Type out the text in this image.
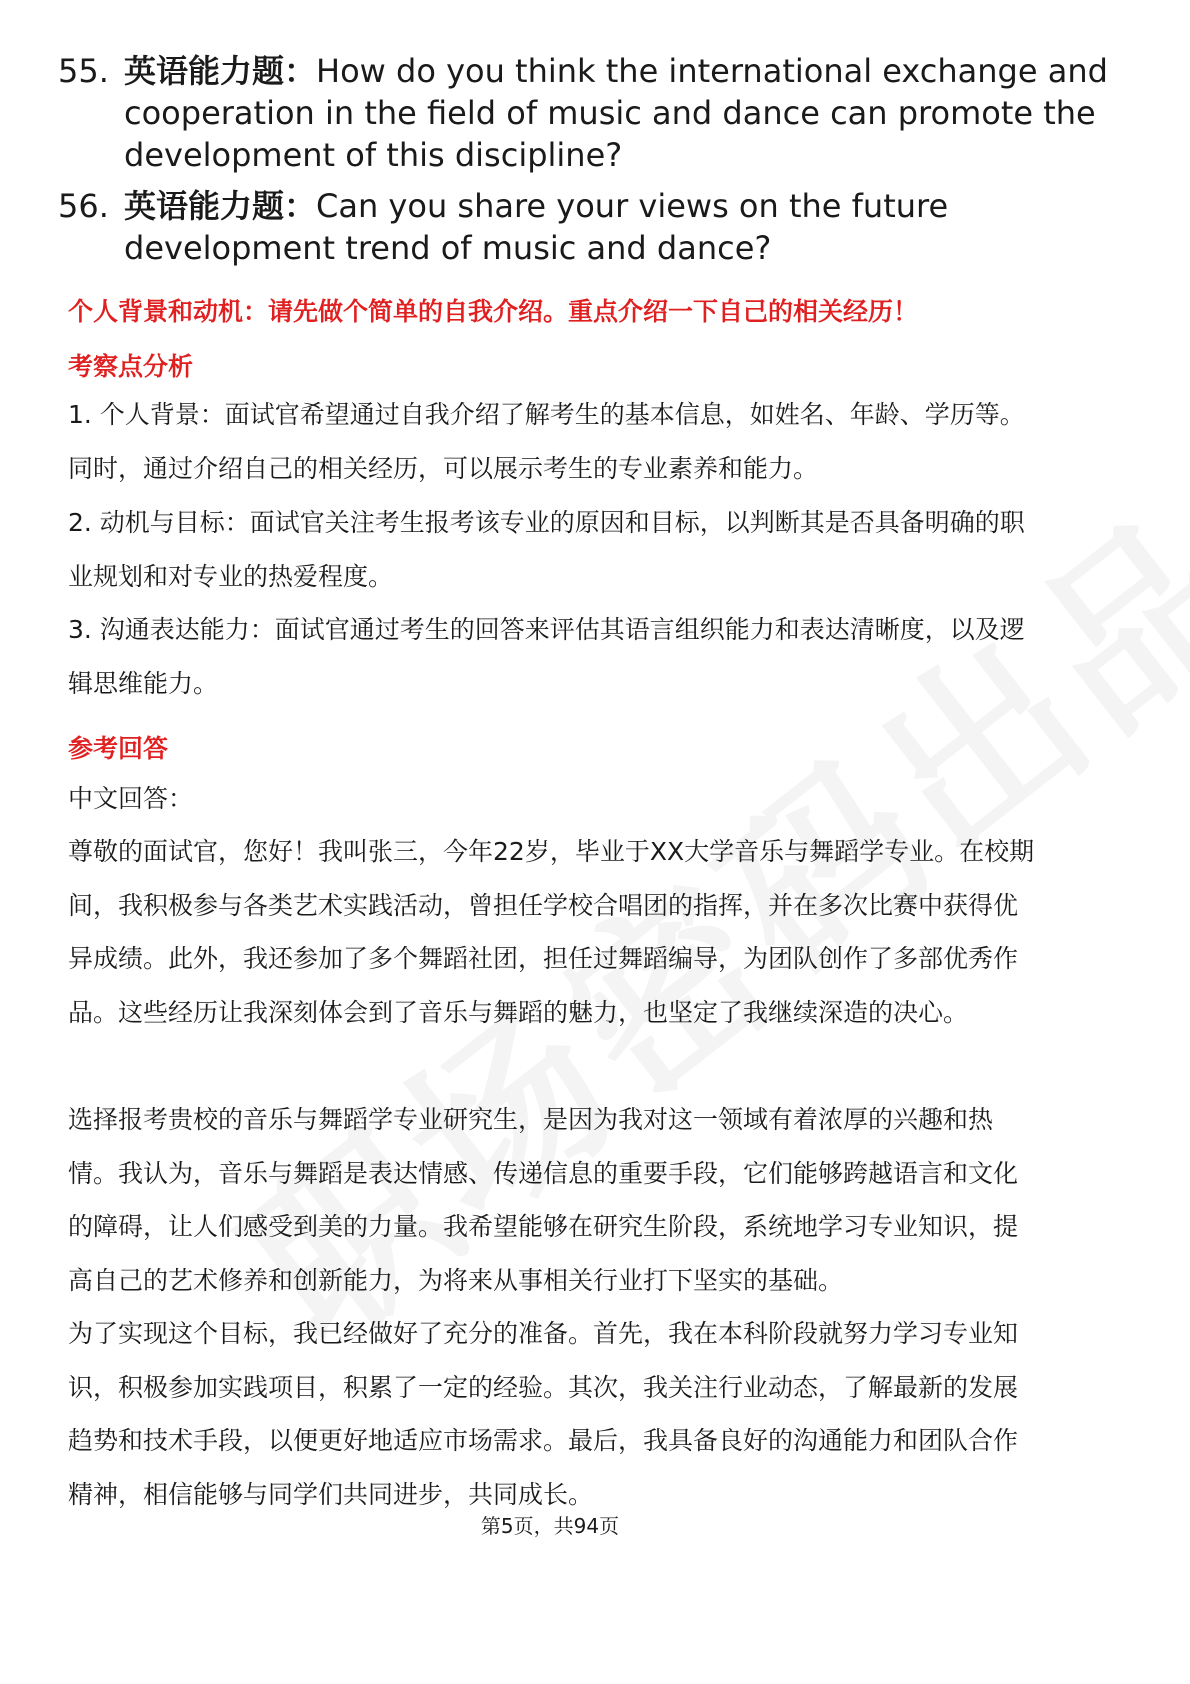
55. 英语能力题：How do you think the international exchange and cooperation in the field of music and dance can promote the development of this discipline?
56. 英语能力题：Can you share your views on the future development trend of music and dance?
个人背景和动机：请先做个简单的自我介绍。重点介绍一下自己的相关经历！
考察点分析
1. 个人背景：面试官希望通过自我介绍了解考生的基本信息，如姓名、年龄、学历等。同时，通过介绍自己的相关经历，可以展示考生的专业素养和能力。
2. 动机与目标：面试官关注考生报考该专业的原因和目标，以判断其是否具备明确的职业规划和对专业的热爱程度。
3. 沟通表达能力：面试官通过考生的回答来评估其语言组织能力和表达清晰度，以及逻辑思维能力。
参考回答
中文回答：
尊敬的面试官，您好！我叫张三，今年22岁，毕业于XX大学音乐与舞蹈学专业。在校期间，我积极参与各类艺术实践活动，曾担任学校合唱团的指挥，并在多次比赛中获得优异成绩。此外，我还参加了多个舞蹈社团，担任过舞蹈编导，为团队创作了多部优秀作品。这些经历让我深刻体会到了音乐与舞蹈的魅力，也坚定了我继续深造的决心。
选择报考贵校的音乐与舞蹈学专业研究生，是因为我对这一领域有着浓厚的兴趣和热情。我认为，音乐与舞蹈是表达情感、传递信息的重要手段，它们能够跨越语言和文化的障碍，让人们感受到美的力量。我希望能够在研究生阶段，系统地学习专业知识，提高自己的艺术修养和创新能力，为将来从事相关行业打下坚实的基础。
为了实现这个目标，我已经做好了充分的准备。首先，我在本科阶段就努力学习专业知识，积极参加实践项目，积累了一定的经验。其次，我关注行业动态，了解最新的发展趋势和技术手段，以便更好地适应市场需求。最后，我具备良好的沟通能力和团队合作精神，相信能够与同学们共同进步，共同成长。
第5页，共94页
